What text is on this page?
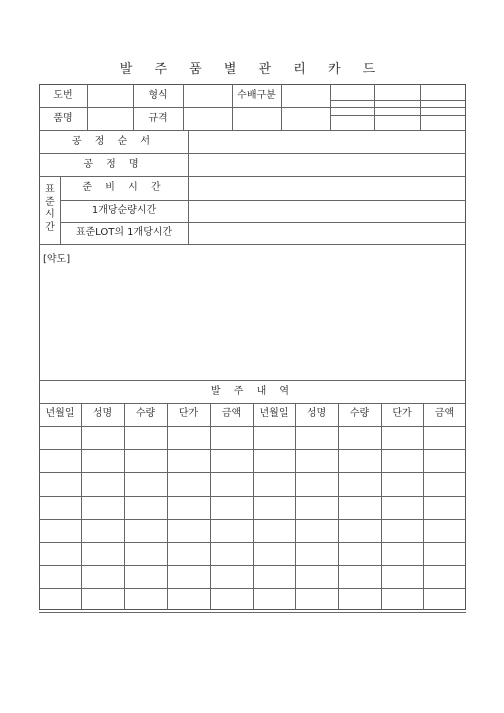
발 주 품 별 관 리 카 드
도번	형식	수배구분
품명	규격
공 정 순 서
공 정 명
표
준
시
간
준 비 시 간
1개당순량시간
표준LOT의 1개당시간
[약도]
발 주 내 역
년월일	성명	수량	단가	금액	년월일	성명	수량	단가	금액
